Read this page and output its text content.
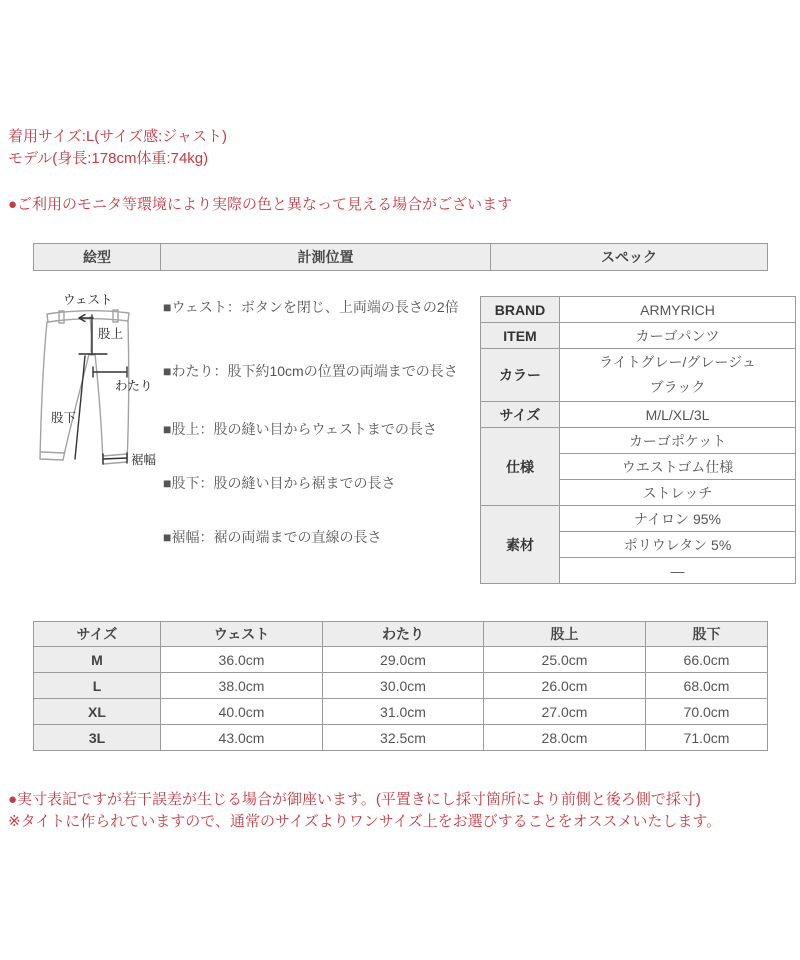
着用サイズ:L(サイズ感:ジャスト)
モデル(身長:178cm体重:74kg)
●ご利用のモニタ等環境により実際の色と異なって見える場合がございます
絵型	計測位置	スペック
ウェスト
股上
わたり
股下
裾幅
■ウェスト：ボタンを閉じ、上両端の長さの2倍
■わたり：股下約10cmの位置の両端までの長さ
■股上：股の縫い目からウェストまでの長さ
■股下：股の縫い目から裾までの長さ
■裾幅：裾の両端までの直線の長さ
BRAND	ARMYRICH
ITEM	カーゴパンツ
カラー	ライトグレー/グレージュ
ブラック

サイズ	M/L/XL/3L
仕様	カーゴポケット
	ウエストゴム仕様
	ストレッチ
素材	ナイロン 95%
	ポリウレタン 5%
	—
サイズ	ウェスト	わたり	股上	股下
M	36.0cm	29.0cm	25.0cm	66.0cm
L	38.0cm	30.0cm	26.0cm	68.0cm
XL	40.0cm	31.0cm	27.0cm	70.0cm
3L	43.0cm	32.5cm	28.0cm	71.0cm
●実寸表記ですが若干誤差が生じる場合が御座います。(平置きにし採寸箇所により前側と後ろ側で採寸)
※タイトに作られていますので、通常のサイズよりワンサイズ上をお選びすることをオススメいたします。
